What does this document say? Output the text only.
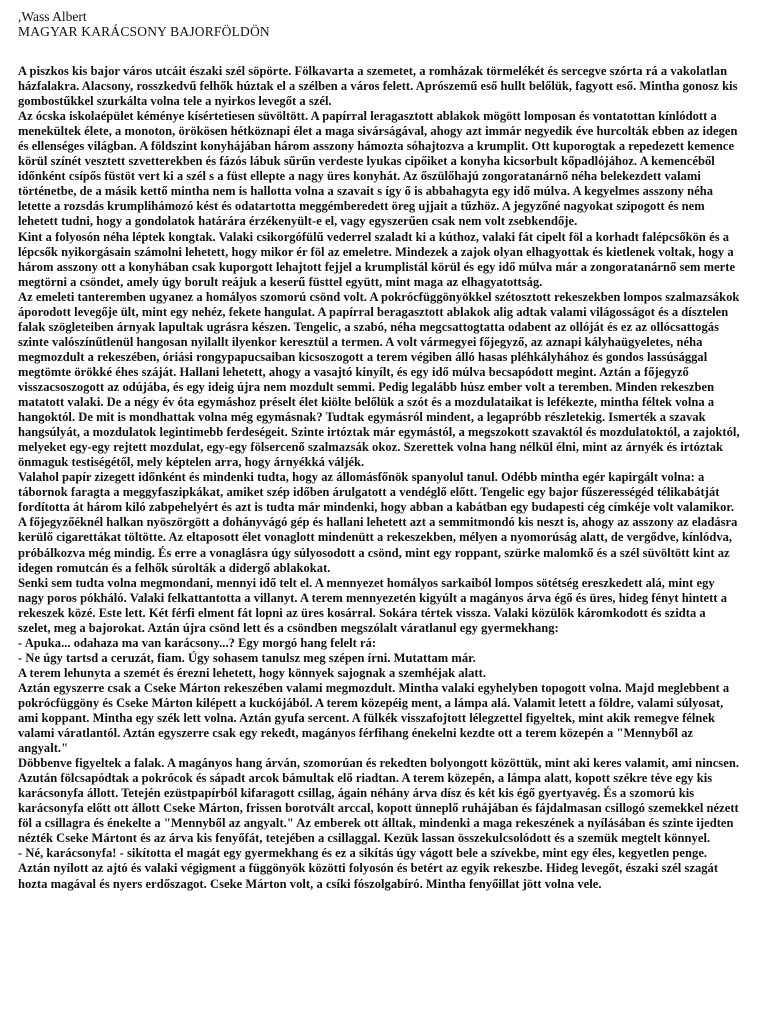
,Wass Albert

MAGYAR KARÁCSONY BAJORFÖLDÖN

A piszkos kis bajor város utcáit északi szél söpörte. Fölkavarta a szemetet, a romházak törmelékét és sercegve szórta rá a vakolatlan házfalakra. Alacsony, rosszkedvű felhők húztak el a szélben a város felett. Aprószemű eső hullt belőlük, fagyott eső. Mintha gonosz kis gombostűkkel szurkálta volna tele a nyirkos levegőt a szél.

Az ócska iskolaépület kéménye kísértetiesen süvöltött. A papírral leragasztott ablakok mögött lomposan és vontatottan kínlódott a menekültek élete, a monoton, örökösen hétköznapi élet a maga sivárságával, ahogy azt immár negyedik éve hurcolták ebben az idegen és ellenséges világban. A földszint konyhájában három asszony hámozta sóhajtozva a krumplit. Ott kuporogtak a repedezett kemence körül színét vesztett szvetterekben és fázós lábuk sűrűn verdeste lyukas cipőiket a konyha kicsorbult kőpadlójához. A kemencéből időnként csípős füstöt vert ki a szél s a füst ellepte a nagy üres konyhát. Az őszülőhajú zongoratanárnő néha belekezdett valami történetbe, de a másik kettő mintha nem is hallotta volna a szavait s így ő is abbahagyta egy idő múlva. A kegyelmes asszony néha letette a rozsdás krumplihámozó kést és odatartotta meggémberedett öreg ujjait a tűzhöz. A jegyzőné nagyokat szipogott és nem lehetett tudni, hogy a gondolatok határára érzékenyült-e el, vagy egyszerűen csak nem volt zsebkendője.

Kint a folyosón néha léptek kongtak. Valaki csikorgófülű vederrel szaladt ki a kúthoz, valaki fát cipelt föl a korhadt falépcsőkön és a lépcsők nyikorgásain számolni lehetett, hogy mikor ér föl az emeletre. Mindezek a zajok olyan elhagyottak és kietlenek voltak, hogy a három asszony ott a konyhában csak kuporgott lehajtott fejjel a krumplistál körül és egy idő múlva már a zongoratanárnő sem merte megtörni a csöndet, amely úgy borult reájuk a keserű füsttel együtt, mint maga az elhagyatottság.

Az emeleti tanteremben ugyanez a homályos szomorú csönd volt. A pokrócfüggönyökkel szétosztott rekeszekben lompos szalmazsákok áporodott levegője ült, mint egy nehéz, fekete hangulat. A papírral beragasztott ablakok alig adtak valami világosságot és a dísztelen falak szögleteiben árnyak lapultak ugrásra készen. Tengelic, a szabó, néha megcsattogtatta odabent az ollóját és ez az ollócsattogás szinte valószínűtlenül hangosan nyilallt ilyenkor keresztül a termen. A volt vármegyei főjegyző, az aznapi kályhaügyeletes, néha megmozdult a rekeszében, óriási rongypapucsaiban kicsoszogott a terem végiben álló hasas pléhkályhához és gondos lassúsággal megtömte örökké éhes száját. Hallani lehetett, ahogy a vasajtó kinyílt, és egy idő múlva becsapódott megint. Aztán a főjegyző visszacsoszogott az odújába, és egy ideig újra nem mozdult semmi. Pedig legalább húsz ember volt a teremben. Minden rekeszben matatott valaki. De a négy év óta egymáshoz préselt élet kiölte belőlük a szót és a mozdulataikat is lefékezte, mintha féltek volna a hangoktól. De mit is mondhattak volna még egymásnak? Tudtak egymásról mindent, a legapróbb részletekig. Ismerték a szavak hangsúlyát, a mozdulatok legintimebb ferdeségeit. Szinte irtóztak már egymástól, a megszokott szavaktól és mozdulatoktól, a zajoktól, melyeket egy-egy rejtett mozdulat, egy-egy fölsercenő szalmazsák okoz. Szerettek volna hang nélkül élni, mint az árnyék és irtóztak önmaguk testiségétől, mely képtelen arra, hogy árnyékká váljék.

Valahol papír zizegett időnként és mindenki tudta, hogy az állomásfőnök spanyolul tanul. Odébb mintha egér kapirgált volna: a tábornok faragta a meggyfaszipkákat, amiket szép időben árulgatott a vendéglő előtt. Tengelic egy bajor fűszerességéd télikabátját fordította át három kiló zabpehelyért és azt is tudta már mindenki, hogy abban a kabátban egy budapesti cég címkéje volt valamikor. A főjegyzőéknél halkan nyöszörgött a dohányvágó gép és hallani lehetett azt a semmitmondó kis neszt is, ahogy az asszony az eladásra kerülő cigarettákat töltötte. Az eltaposott élet vonaglott mindenütt a rekeszekben, mélyen a nyomorúság alatt, de vergődve, kínlódva, próbálkozva még mindig. És erre a vonaglásra úgy súlyosodott a csönd, mint egy roppant, szürke malomkő és a szél süvöltött kint az idegen romutcán és a felhők súrolták a didergő ablakokat.

Senki sem tudta volna megmondani, mennyi idő telt el. A mennyezet homályos sarkaiból lompos sötétség ereszkedett alá, mint egy nagy poros pókháló. Valaki felkattantotta a villanyt. A terem mennyezetén kigyúlt a magányos árva égő és üres, hideg fényt hintett a rekeszek közé. Este lett. Két férfi elment fát lopni az üres kosárral. Sokára tértek vissza. Valaki közülök káromkodott és szidta a szelet, meg a bajorokat. Aztán újra csönd lett és a csöndben megszólalt váratlanul egy gyermekhang:

- Apuka... odahaza ma van karácsony...? Egy morgó hang felelt rá:

- Ne úgy tartsd a ceruzát, fiam. Úgy sohasem tanulsz meg szépen írni. Mutattam már.

A terem lehunyta a szemét és érezni lehetett, hogy könnyek sajognak a szemhéjak alatt.

Aztán egyszerre csak a Cseke Márton rekeszében valami megmozdult. Mintha valaki egyhelyben topogott volna. Majd meglebbent a pokrócfüggöny és Cseke Márton kilépett a kuckójából. A terem közepéig ment, a lámpa alá. Valamit letett a földre, valami súlyosat, ami koppant. Mintha egy szék lett volna. Aztán gyufa sercent. A fülkék visszafojtott lélegzettel figyeltek, mint akik remegve félnek valami váratlantól. Aztán egyszerre csak egy rekedt, magányos férfihang énekelni kezdte ott a terem közepén a "Mennyből az angyalt."

Döbbenve figyeltek a falak. A magányos hang árván, szomorúan és rekedten bolyongott közöttük, mint aki keres valamit, ami nincsen. Azután fölcsapódtak a pokrócok és sápadt arcok bámultak elő riadtan. A terem közepén, a lámpa alatt, kopott székre téve egy kis karácsonyfa állott. Tetején ezüstpapírból kifaragott csillag, ágain néhány árva dísz és két kis égő gyertyavég. És a szomorú kis karácsonyfa előtt ott állott Cseke Márton, frissen borotvált arccal, kopott ünneplő ruhájában és fájdalmasan csillogó szemekkel nézett föl a csillagra és énekelte a "Mennyből az angyalt." Az emberek ott álltak, mindenki a maga rekeszének a nyílásában és szinte ijedten nézték Cseke Mártont és az árva kis fenyőfát, tetejében a csillaggal. Kezük lassan összekulcsolódott és a szemük megtelt könnyel.

- Né, karácsonyfa! - sikította el magát egy gyermekhang és ez a sikítás úgy vágott bele a szívekbe, mint egy éles, kegyetlen penge.

Aztán nyílott az ajtó és valaki végigment a függönyök közötti folyosón és betért az egyik rekeszbe. Hideg levegőt, északi szél szagát hozta magával és nyers erdőszagot. Cseke Márton volt, a csíki fószolgabíró. Mintha fenyőillat jött volna vele.
